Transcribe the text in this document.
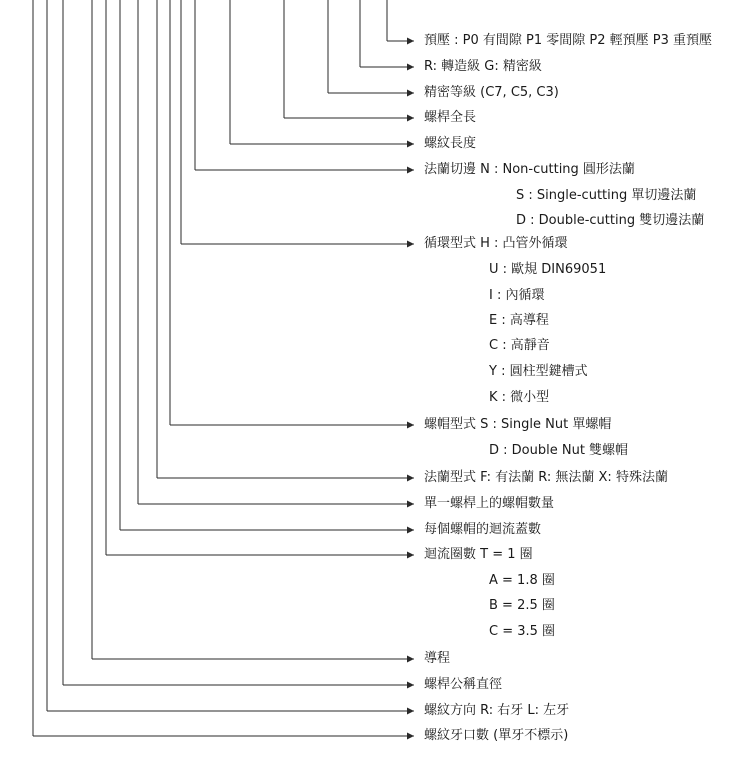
預壓 : P0 有間隙 P1 零間隙 P2 輕預壓 P3 重預壓
R: 轉造級 G: 精密級
精密等級 (C7, C5, C3)
螺桿全長
螺紋長度
法蘭切邊 N : Non-cutting 圓形法蘭
S : Single-cutting 單切邊法蘭
D : Double-cutting 雙切邊法蘭
循環型式 H : 凸管外循環
U : 歐規 DIN69051
I : 內循環
E : 高導程
C : 高靜音
Y : 圓柱型鍵槽式
K : 微小型
螺帽型式 S : Single Nut 單螺帽
D : Double Nut 雙螺帽
法蘭型式 F: 有法蘭 R: 無法蘭 X: 特殊法蘭
單一螺桿上的螺帽數量
每個螺帽的迴流蓋數
迴流圈數 T = 1 圈
A = 1.8 圈
B = 2.5 圈
C = 3.5 圈
導程
螺桿公稱直徑
螺紋方向 R: 右牙 L: 左牙
螺紋牙口數 (單牙不標示)
